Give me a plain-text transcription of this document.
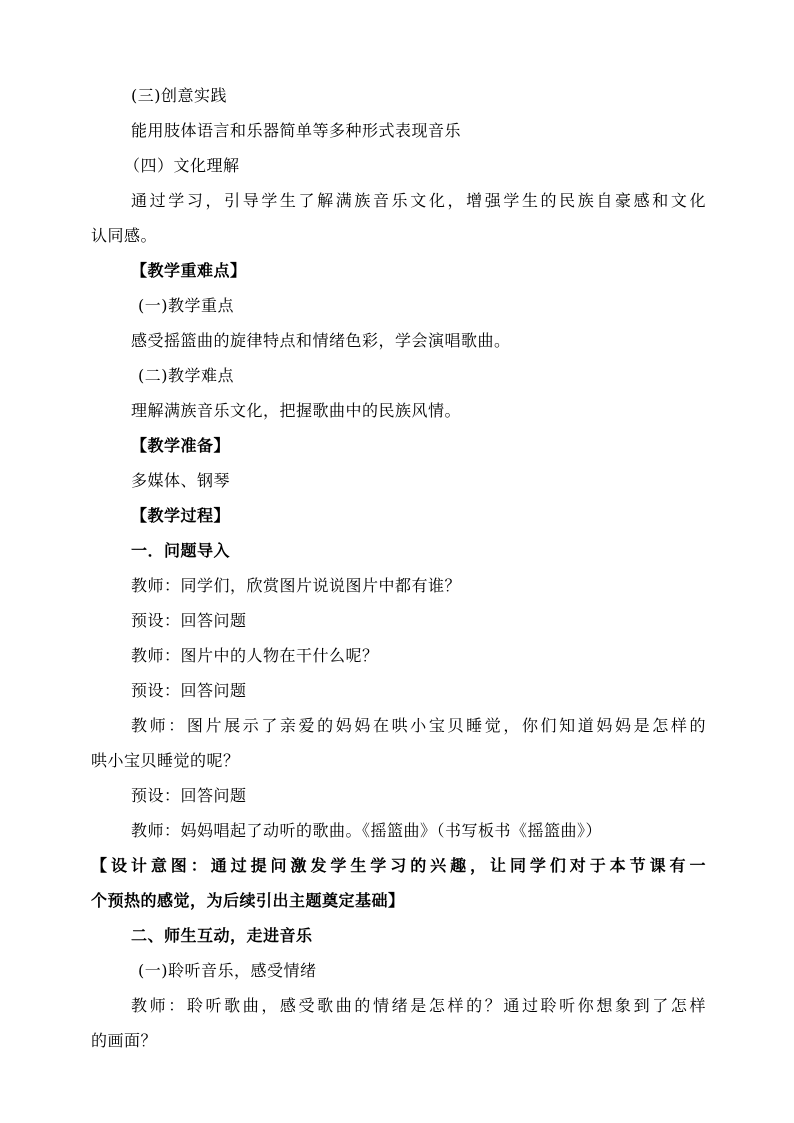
(三)创意实践
能用肢体语言和乐器简单等多种形式表现音乐
（四）文化理解
通过学习，引导学生了解满族音乐文化，增强学生的民族自豪感和文化
认同感。
【教学重难点】
(一)教学重点
感受摇篮曲的旋律特点和情绪色彩，学会演唱歌曲。
(二)教学难点
理解满族音乐文化，把握歌曲中的民族风情。
【教学准备】
多媒体、钢琴
【教学过程】
一．问题导入
教师：同学们，欣赏图片说说图片中都有谁？
预设：回答问题
教师：图片中的人物在干什么呢？
预设：回答问题
教师：图片展示了亲爱的妈妈在哄小宝贝睡觉，你们知道妈妈是怎样的
哄小宝贝睡觉的呢？
预设：回答问题
教师：妈妈唱起了动听的歌曲。《摇篮曲》（书写板书《摇篮曲》）
【设计意图：通过提问激发学生学习的兴趣，让同学们对于本节课有一
个预热的感觉，为后续引出主题奠定基础】
二、师生互动，走进音乐
(一)聆听音乐，感受情绪
教师：聆听歌曲，感受歌曲的情绪是怎样的？通过聆听你想象到了怎样
的画面？
